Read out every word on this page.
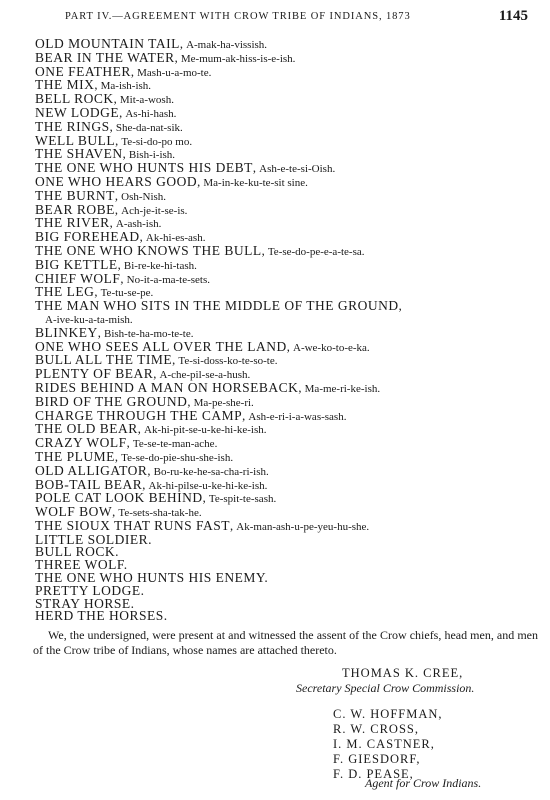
PART IV.—AGREEMENT WITH CROW TRIBE OF INDIANS, 1873	1145
OLD MOUNTAIN TAIL, A-mak-ha-vissish.
BEAR IN THE WATER, Me-mum-ak-hiss-is-e-ish.
ONE FEATHER, Mash-u-a-mo-te.
THE MIX, Ma-ish-ish.
BELL ROCK, Mit-a-wosh.
NEW LODGE, As-hi-hash.
THE RINGS, She-da-nat-sik.
WELL BULL, Te-si-do-po mo.
THE SHAVEN, Bish-i-ish.
THE ONE WHO HUNTS HIS DEBT, Ash-e-te-si-Oish.
ONE WHO HEARS GOOD, Ma-in-ke-ku-te-sit sine.
THE BURNT, Osh-Nish.
BEAR ROBE, Ach-je-it-se-is.
THE RIVER, A-ash-ish.
BIG FOREHEAD, Ak-hi-es-ash.
THE ONE WHO KNOWS THE BULL, Te-se-do-pe-e-a-te-sa.
BIG KETTLE, Bi-re-ke-hi-tash.
CHIEF WOLF, No-it-a-ma-te-sets.
THE LEG, Te-tu-se-pe.
THE MAN WHO SITS IN THE MIDDLE OF THE GROUND,
A-ive-ku-a-ta-mish.
BLINKEY, Bish-te-ha-mo-te-te.
ONE WHO SEES ALL OVER THE LAND, A-we-ko-to-e-ka.
BULL ALL THE TIME, Te-si-doss-ko-te-so-te.
PLENTY OF BEAR, A-che-pil-se-a-hush.
RIDES BEHIND A MAN ON HORSEBACK, Ma-me-ri-ke-ish.
BIRD OF THE GROUND, Ma-pe-she-ri.
CHARGE THROUGH THE CAMP, Ash-e-ri-i-a-was-sash.
THE OLD BEAR, Ak-hi-pit-se-u-ke-hi-ke-ish.
CRAZY WOLF, Te-se-te-man-ache.
THE PLUME, Te-se-do-pie-shu-she-ish.
OLD ALLIGATOR, Bo-ru-ke-he-sa-cha-ri-ish.
BOB-TAIL BEAR, Ak-hi-pilse-u-ke-hi-ke-ish.
POLE CAT LOOK BEHIND, Te-spit-te-sash.
WOLF BOW, Te-sets-sha-tak-he.
THE SIOUX THAT RUNS FAST, Ak-man-ash-u-pe-yeu-hu-she.
LITTLE SOLDIER.
BULL ROCK.
THREE WOLF.
THE ONE WHO HUNTS HIS ENEMY.
PRETTY LODGE.
STRAY HORSE.
HERD THE HORSES.
We, the undersigned, were present at and witnessed the assent of the Crow chiefs, head men, and men of the Crow tribe of Indians, whose names are attached thereto.
THOMAS K. CREE,
Secretary Special Crow Commission.
C. W. HOFFMAN,
R. W. CROSS,
I. M. CASTNER,
F. GIESDORF,
F. D. PEASE,
Agent for Crow Indians.
